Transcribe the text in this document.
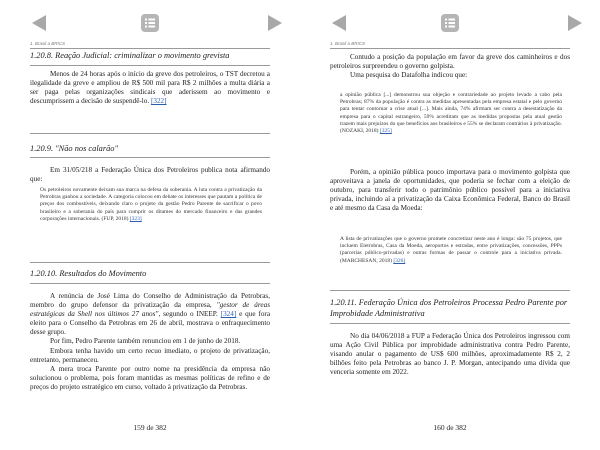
1. Brasil a BRICS
1.20.8. Reação Judicial: criminalizar o movimento grevista

Menos de 24 horas após o início da greve dos petroleiros, o TST decretou a ilegalidade da greve e ampliou de R$ 500 mil para R$ 2 milhões a multa diária a ser paga pelas organizações sindicais que aderissem ao movimento e descumprissem a decisão de suspendê-lo. [322]

1.20.9. "Não nos calarão"

Em 31/05/218 a Federação Única dos Petroleiros publica nota afirmando que:

Os petroleiros novamente deixam sua marca na defesa da soberania. A luta contra a privatização da Petrobras ganhou a sociedade. A categoria colocou em debate os interesses que pautam a política de preços dos combustíveis, deixando claro o projeto da gestão Pedro Parente de sacrificar o povo brasileiro e a soberania do país para cumprir os ditames do mercado financeiro e das grandes corporações internacionais. (FUP, 2018) [323]

1.20.10. Resultados do Movimento

A renúncia de José Lima do Conselho de Administração da Petrobras, membro do grupo defensor da privatização da empresa, "gestor de áreas estratégicas da Shell nos últimos 27 anos", segundo o INEEP. [324] e que fora eleito para o Conselho da Petrobras em 26 de abril, mostrava o enfraquecimento desse grupo.

Por fim, Pedro Parente também renunciou em 1 de junho de 2018.

Embora tenha havido um certo recuo imediato, o projeto de privatização, entretanto, permaneceu.

A mera troca Parente por outro nome na presidência da empresa não solucionou o problema, pois foram mantidas as mesmas políticas de refino e de preços do projeto estratégico em curso, voltado à privatização da Petrobras.

159 de 382
1. Brasil a BRICS

Contudo a posição da população em favor da greve dos caminheiros e dos petroleiros surpreendeu o governo golpista.

Uma pesquisa do Datafolha indicou que:

a opinião pública [...] demonstrou sua objeção e contrariedade ao projeto levado a cabo pela Petrobras; 87% da população é contra as medidas apresentadas pela empresa estatal e pelo governo para tentar contornar a crise atual [...]. Mais ainda, 74% afirmam ser contra a desestatização da empresa para o capital estrangeiro, 59% acreditam que as medidas propostas pela atual gestão trazem mais prejuízos do que benefícios aos brasileiros e 55% se declaram contrários à privatização. (NOZAKI, 2018) [325]

Porém, a opinião pública pouco importava para o movimento golpista que aproveitava a janela de oportunidades, que poderia se fechar com a eleição de outubro, para transferir todo o patrimônio público possível para a iniciativa privada, incluindo aí a privatização da Caixa Econômica Federal, Banco do Brasil e até mesmo da Casa da Moeda:

A lista de privatizações que o governo promete concretizar neste ano é longa: são 75 projetos, que incluem Eletrobras, Casa da Moeda, aeroportos e estradas, entre privatizações, concessões, PPPs (parcerias público-privadas) e outras formas de passar o controle para a iniciativa privada. (MARCHESAN, 2018) [326]

1.20.11. Federação Única dos Petroleiros Processa Pedro Parente por Improbidade Administrativa

No dia 04/06/2018 a FUP a Federação Única dos Petroleiros ingressou com uma Ação Civil Pública por improbidade administrativa contra Pedro Parente, visando anular o pagamento de US$ 600 milhões, aproximadamente R$ 2, 2 bilhões feito pela Petrobras ao banco J. P. Morgan, antecipando uma dívida que venceria somente em 2022.

160 de 382
